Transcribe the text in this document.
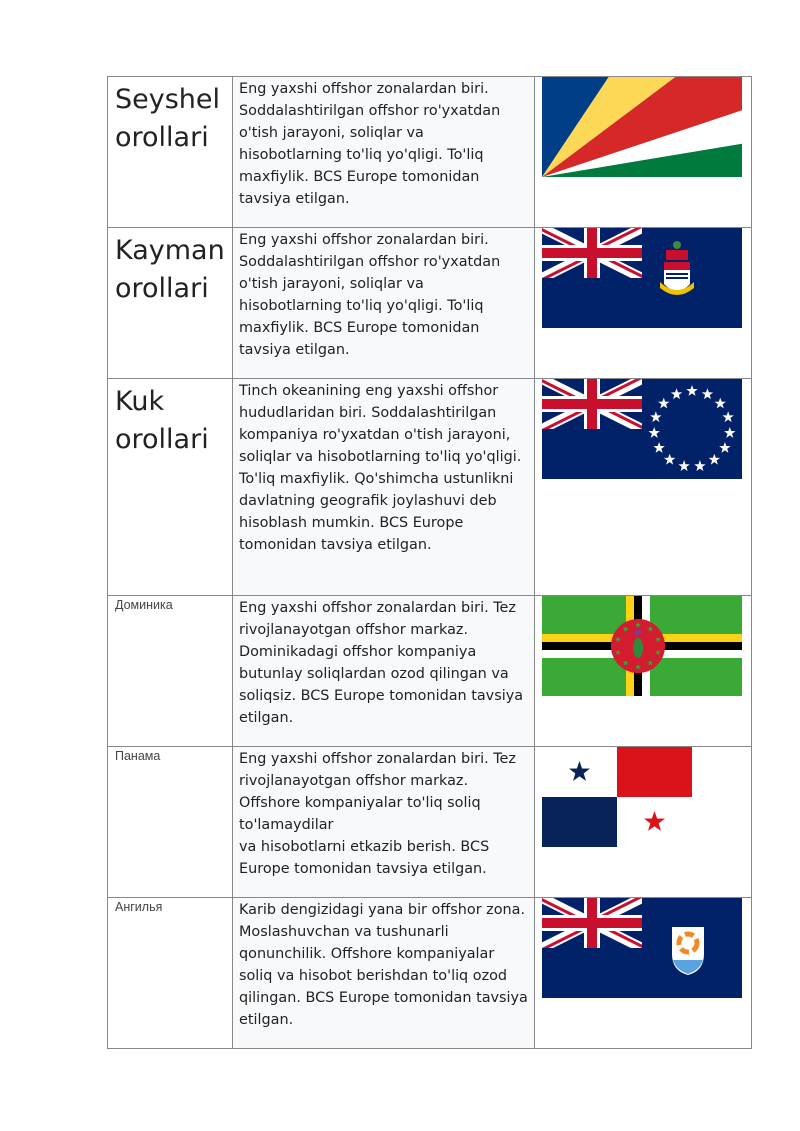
Seyshel orollari	Eng yaxshi offshor zonalardan biri. Soddalashtirilgan offshor ro'yxatdan o'tish jarayoni, soliqlar va hisobotlarning to'liq yo'qligi. To'liq maxfiylik. BCS Europe tomonidan tavsiya etilgan.

Kayman orollari	Eng yaxshi offshor zonalardan biri. Soddalashtirilgan offshor ro'yxatdan o'tish jarayoni, soliqlar va hisobotlarning to'liq yo'qligi. To'liq maxfiylik. BCS Europe tomonidan tavsiya etilgan.

Kuk orollari	Tinch okeanining eng yaxshi offshor hududlaridan biri. Soddalashtirilgan kompaniya ro'yxatdan o'tish jarayoni, soliqlar va hisobotlarning to'liq yo'qligi. To'liq maxfiylik. Qo'shimcha ustunlikni davlatning geografik joylashuvi deb hisoblash mumkin. BCS Europe tomonidan tavsiya etilgan.

Доминика	Eng yaxshi offshor zonalardan biri. Tez rivojlanayotgan offshor markaz. Dominikadagi offshor kompaniya butunlay soliqlardan ozod qilingan va soliqsiz. BCS Europe tomonidan tavsiya etilgan.

Панама	Eng yaxshi offshor zonalardan biri. Tez rivojlanayotgan offshor markaz. Offshore kompaniyalar to'liq soliq to'lamaydilar
va hisobotlarni etkazib berish. BCS Europe tomonidan tavsiya etilgan.

Ангилья	Karib dengizidagi yana bir offshor zona. Moslashuvchan va tushunarli qonunchilik. Offshore kompaniyalar soliq va hisobot berishdan to'liq ozod qilingan. BCS Europe tomonidan tavsiya etilgan.
